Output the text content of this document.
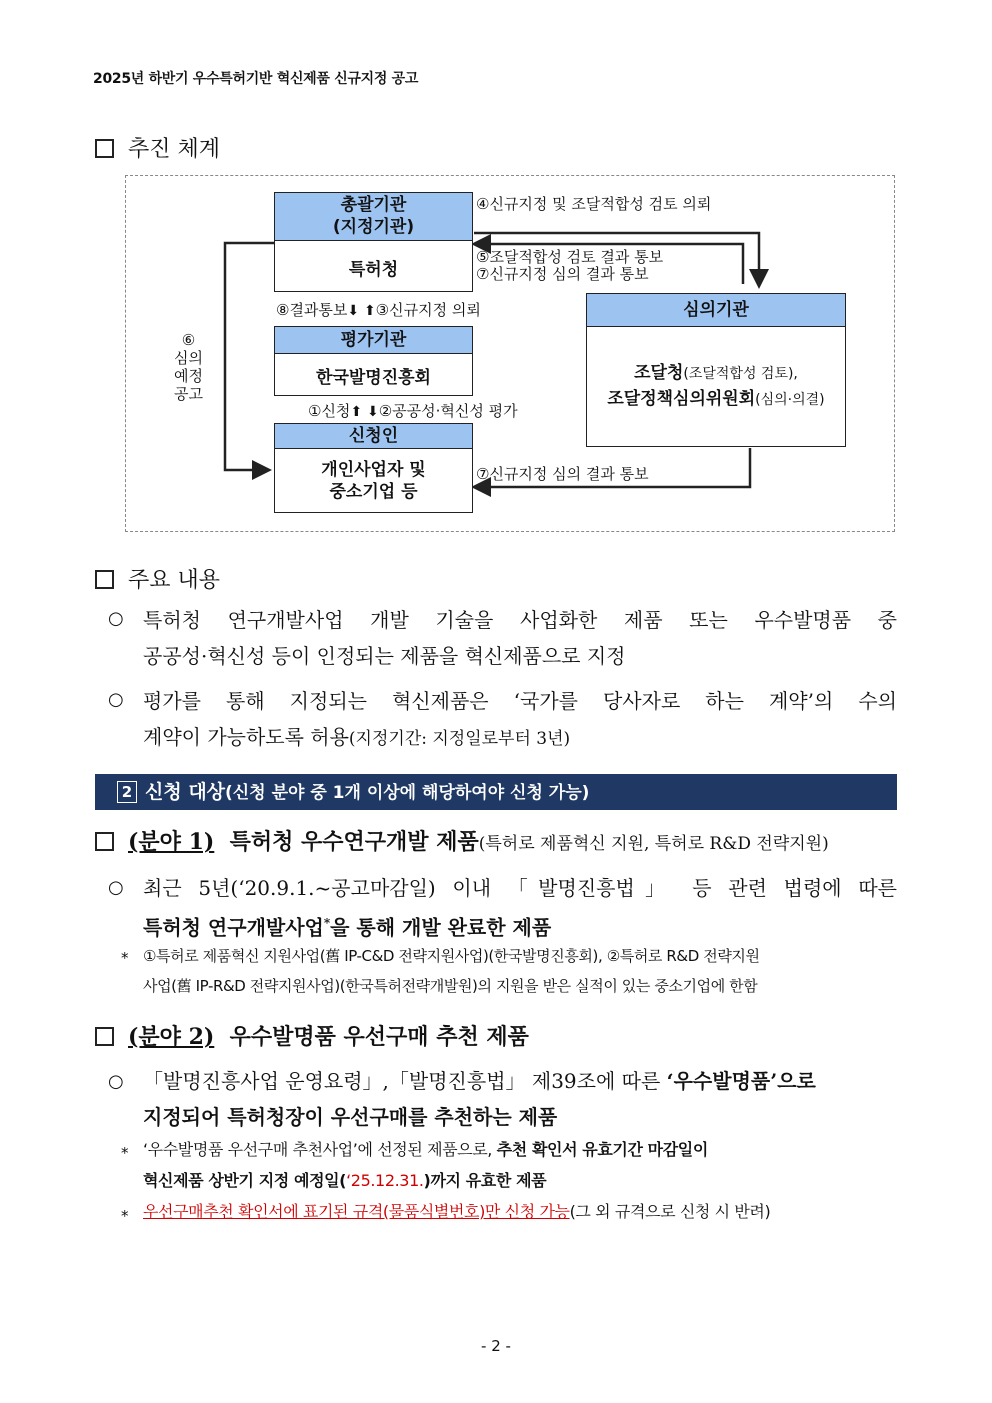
2025년 하반기 우수특허기반 혁신제품 신규지정 공고
추진 체계
총괄기관
(지정기관)
특허청
평가기관
한국발명진흥회
신청인
개인사업자 및
중소기업 등
심의기관
조달청(조달적합성 검토),
조달정책심의위원회(심의·의결)
④신규지정 및 조달적합성 검토 의뢰
⑤조달적합성 검토 결과 통보
⑦신규지정 심의 결과 통보
⑧결과통보⬇ ⬆③신규지정 의뢰
①신청⬆ ⬇②공공성·혁신성 평가
⑥
심의
예정
공고
⑦신규지정 심의 결과 통보
주요 내용
○ 특허청 연구개발사업 개발 기술을 사업화한 제품 또는 우수발명품 중
공공성·혁신성 등이 인정되는 제품을 혁신제품으로 지정
○ 평가를 통해 지정되는 혁신제품은 ‘국가를 당사자로 하는 계약’의 수의
계약이 가능하도록 허용(지정기간: 지정일로부터 3년)
2 신청 대상(신청 분야 중 1개 이상에 해당하여야 신청 가능)
(분야 1) 특허청 우수연구개발 제품(특허로 제품혁신 지원, 특허로 R&D 전략지원)
○ 최근 5년(‘20.9.1.~공고마감일) 이내 「발명진흥법」 등 관련 법령에 따른
특허청 연구개발사업*을 통해 개발 완료한 제품
* ①특허로 제품혁신 지원사업(舊 IP-C&D 전략지원사업)(한국발명진흥회), ②특허로 R&D 전략지원
사업(舊 IP-R&D 전략지원사업)(한국특허전략개발원)의 지원을 받은 실적이 있는 중소기업에 한함
(분야 2) 우수발명품 우선구매 추천 제품
○ 「발명진흥사업 운영요령」,「발명진흥법」 제39조에 따른 ‘우수발명품’으로
지정되어 특허청장이 우선구매를 추천하는 제품
* ‘우수발명품 우선구매 추천사업’에 선정된 제품으로, 추천 확인서 유효기간 마감일이
혁신제품 상반기 지정 예정일(‘25.12.31.)까지 유효한 제품
* 우선구매추천 확인서에 표기된 규격(물품식별번호)만 신청 가능(그 외 규격으로 신청 시 반려)
- 2 -
